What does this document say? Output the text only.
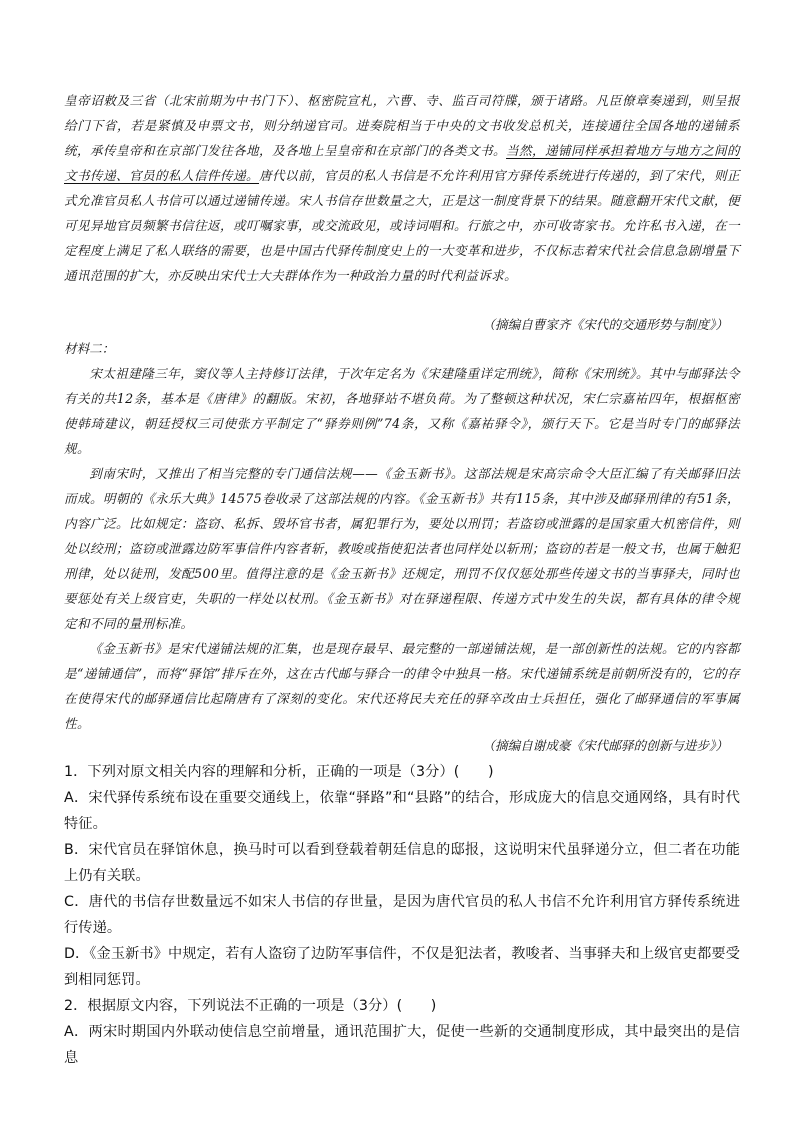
皇帝诏敕及三省（北宋前期为中书门下）、枢密院宣札，六曹、寺、监百司符牒，颁于诸路。凡臣僚章奏递到，则呈报给门下省，若是紧慎及申票文书，则分纳递官司。进奏院相当于中央的文书收发总机关，连接通往全国各地的递铺系统，承传皇帝和在京部门发往各地，及各地上呈皇帝和在京部门的各类文书。当然，递铺同样承担着地方与地方之间的文书传递、官员的私人信件传递。唐代以前，官员的私人书信是不允许利用官方驿传系统进行传递的，到了宋代，则正式允准官员私人书信可以通过递铺传递。宋人书信存世数量之大，正是这一制度背景下的结果。随意翻开宋代文献，便可见异地官员频繁书信往返，或叮嘱家事，或交流政见，或诗词唱和。行旅之中，亦可收寄家书。允许私书入递，在一定程度上满足了私人联络的需要，也是中国古代驿传制度史上的一大变革和进步，不仅标志着宋代社会信息急剧增量下通讯范围的扩大，亦反映出宋代士大夫群体作为一种政治力量的时代利益诉求。

（摘编自曹家齐《宋代的交通形势与制度》）

材料二：

宋太祖建隆三年，窦仪等人主持修订法律，于次年定名为《宋建隆重详定刑统》，简称《宋刑统》。其中与邮驿法令有关的共12条，基本是《唐律》的翻版。宋初，各地驿站不堪负荷。为了整顿这种状况，宋仁宗嘉祐四年，根据枢密使韩琦建议，朝廷授权三司使张方平制定了“驿券则例”74条，又称《嘉祐驿令》，颁行天下。它是当时专门的邮驿法规。

到南宋时，又推出了相当完整的专门通信法规——《金玉新书》。这部法规是宋高宗命令大臣汇编了有关邮驿旧法而成。明朝的《永乐大典》14575卷收录了这部法规的内容。《金玉新书》共有115条，其中涉及邮驿刑律的有51条，内容广泛。比如规定：盗窃、私拆、毁坏官书者，属犯罪行为，要处以刑罚；若盗窃或泄露的是国家重大机密信件，则处以绞刑；盗窃或泄露边防军事信件内容者斩，教唆或指使犯法者也同样处以斩刑；盗窃的若是一般文书，也属于触犯刑律，处以徒刑，发配500里。值得注意的是《金玉新书》还规定，刑罚不仅仅惩处那些传递文书的当事驿夫，同时也要惩处有关上级官吏，失职的一样处以杖刑。《金玉新书》对在驿递程限、传递方式中发生的失误，都有具体的律令规定和不同的量刑标准。

《金玉新书》是宋代递铺法规的汇集，也是现存最早、最完整的一部递铺法规，是一部创新性的法规。它的内容都是“递铺通信”，而将“驿馆”排斥在外，这在古代邮与驿合一的律令中独具一格。宋代递铺系统是前朝所没有的，它的存在使得宋代的邮驿通信比起隋唐有了深刻的变化。宋代还将民夫充任的驿卒改由士兵担任，强化了邮驿通信的军事属性。

（摘编自谢成豪《宋代邮驿的创新与进步》）

1．下列对原文相关内容的理解和分析，正确的一项是（3分）(　　)

A．宋代驿传系统布设在重要交通线上，依靠“驿路”和“县路”的结合，形成庞大的信息交通网络，具有时代特征。

B．宋代官员在驿馆休息，换马时可以看到登载着朝廷信息的邸报，这说明宋代虽驿递分立，但二者在功能上仍有关联。

C．唐代的书信存世数量远不如宋人书信的存世量，是因为唐代官员的私人书信不允许利用官方驿传系统进行传递。

D．《金玉新书》中规定，若有人盗窃了边防军事信件，不仅是犯法者，教唆者、当事驿夫和上级官吏都要受到相同惩罚。

2．根据原文内容，下列说法不正确的一项是（3分）(　　)

A．两宋时期国内外联动使信息空前增量，通讯范围扩大，促使一些新的交通制度形成，其中最突出的是信息
